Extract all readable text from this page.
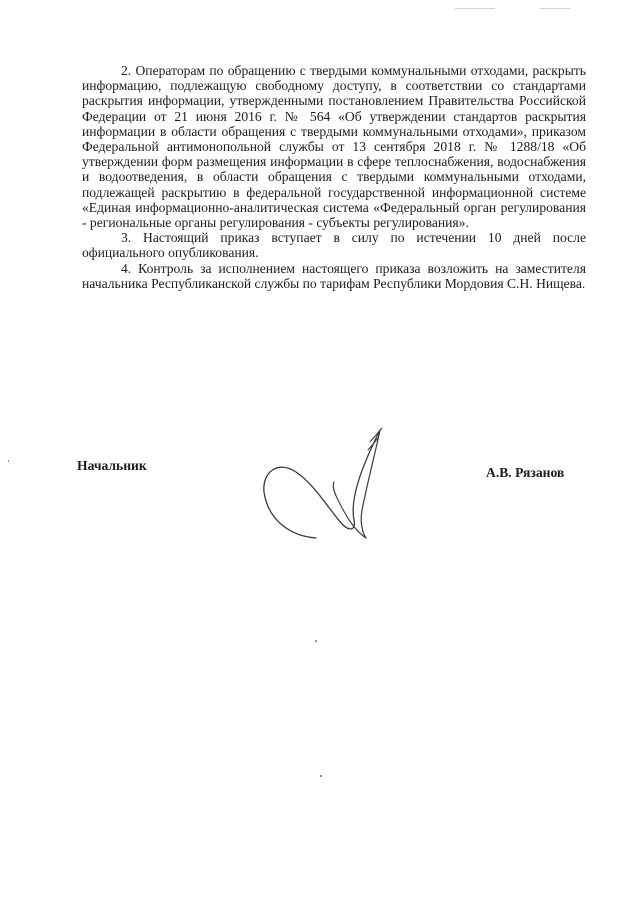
2. Операторам по обращению с твердыми коммунальными отходами, раскрыть информацию, подлежащую свободному доступу, в соответствии со стандартами раскрытия информации, утвержденными постановлением Правительства Российской Федерации от 21 июня 2016 г. № 564 «Об утверждении стандартов раскрытия информации в области обращения с твердыми коммунальными отходами», приказом Федеральной антимонопольной службы от 13 сентября 2018 г. № 1288/18 «Об утверждении форм размещения информации в сфере теплоснабжения, водоснабжения и водоотведения, в области обращения с твердыми коммунальными отходами, подлежащей раскрытию в федеральной государственной информационной системе «Единая информационно-аналитическая система «Федеральный орган регулирования - региональные органы регулирования - субъекты регулирования».

3. Настоящий приказ вступает в силу по истечении 10 дней после официального опубликования.

4. Контроль за исполнением настоящего приказа возложить на заместителя начальника Республиканской службы по тарифам Республики Мордовия С.Н. Нищева.

Начальник	А.В. Рязанов
